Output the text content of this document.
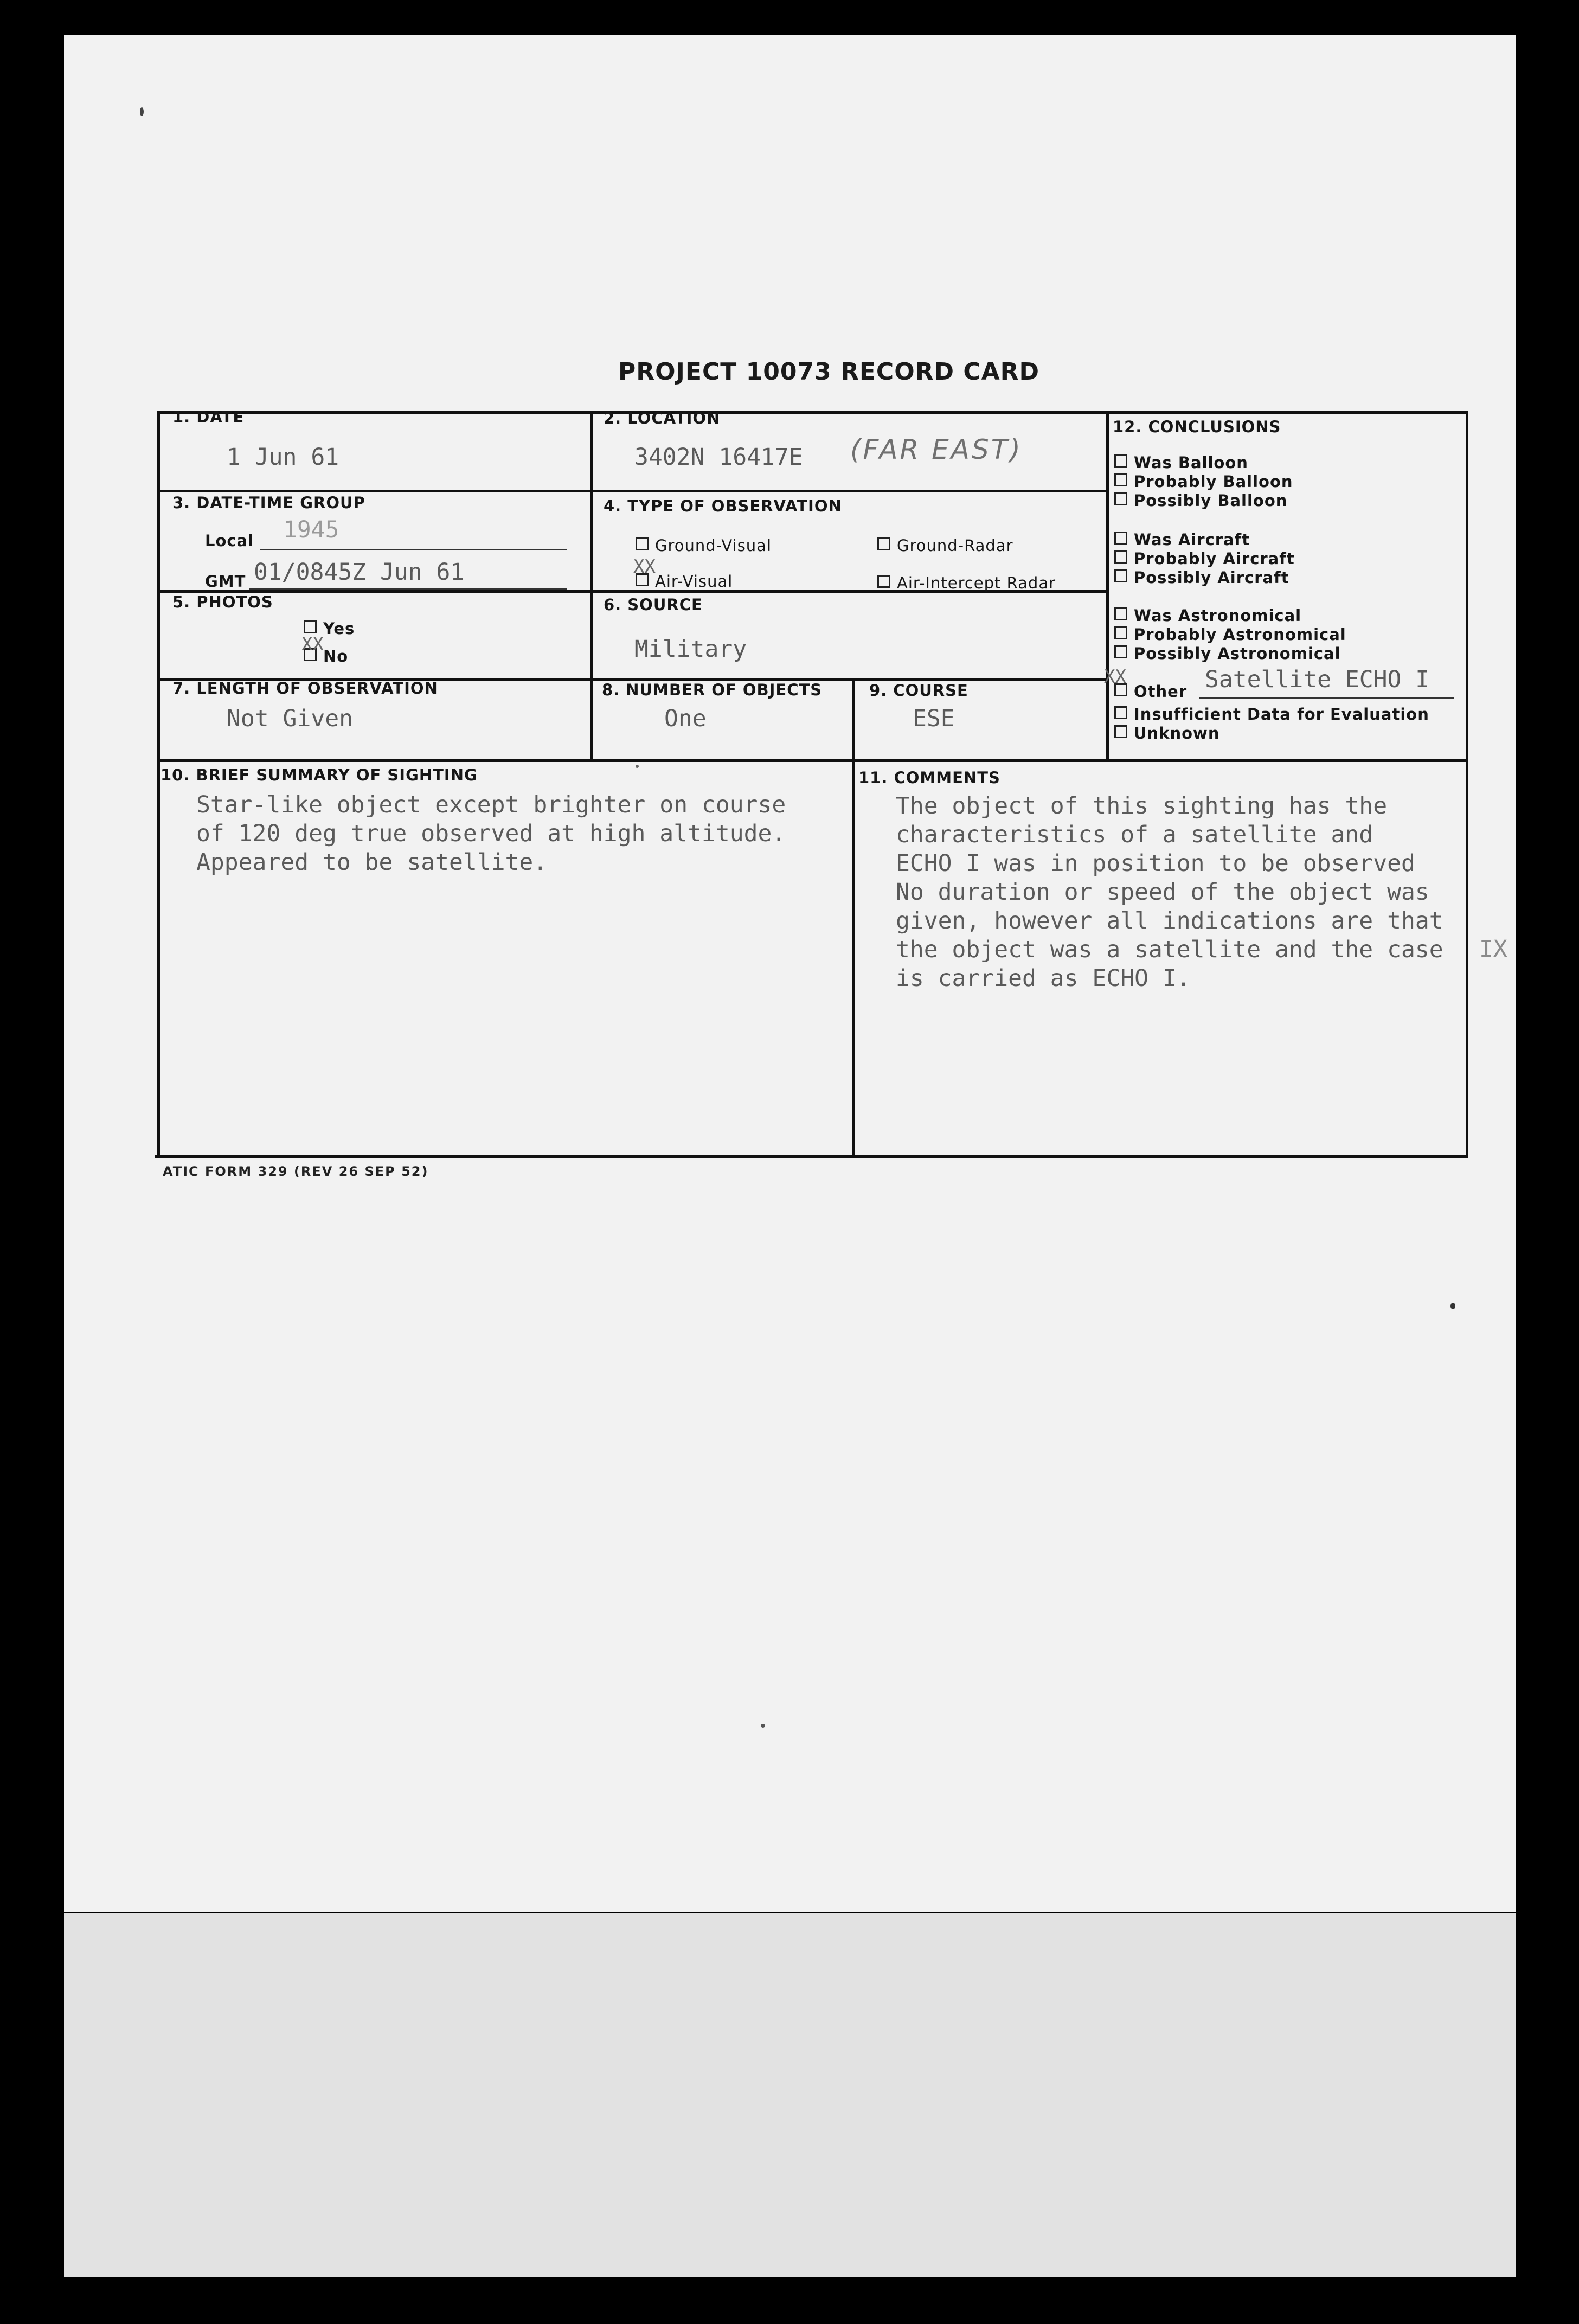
PROJECT 10073 RECORD CARD
1. DATE
1 Jun 61
2. LOCATION
3402N 16417E (FAR EAST)
3. DATE-TIME GROUP
Local 1945
GMT 01/0845Z Jun 61
4. TYPE OF OBSERVATION
Ground-Visual	Ground-Radar
Air-Visual
XX
Air-Intercept Radar
5. PHOTOS
Yes
No
XX
6. SOURCE
Military
7. LENGTH OF OBSERVATION
Not Given
8. NUMBER OF OBJECTS
One
9. COURSE
ESE
10. BRIEF SUMMARY OF SIGHTING
Star-like object except brighter on course
of 120 deg true observed at high altitude.
Appeared to be satellite.
11. COMMENTS
The object of this sighting has the
characteristics of a satellite and
ECHO I was in position to be observed
No duration or speed of the object was
given, however all indications are that
the object was a satellite and the case
is carried as ECHO I.
IX
12. CONCLUSIONS
Was Balloon
Probably Balloon
Possibly Balloon
Was Aircraft
Probably Aircraft
Possibly Aircraft
Was Astronomical
Probably Astronomical
Possibly Astronomical
XX
Other Satellite ECHO I
Insufficient Data for Evaluation
Unknown
ATIC FORM 329 (REV 26 SEP 52)
